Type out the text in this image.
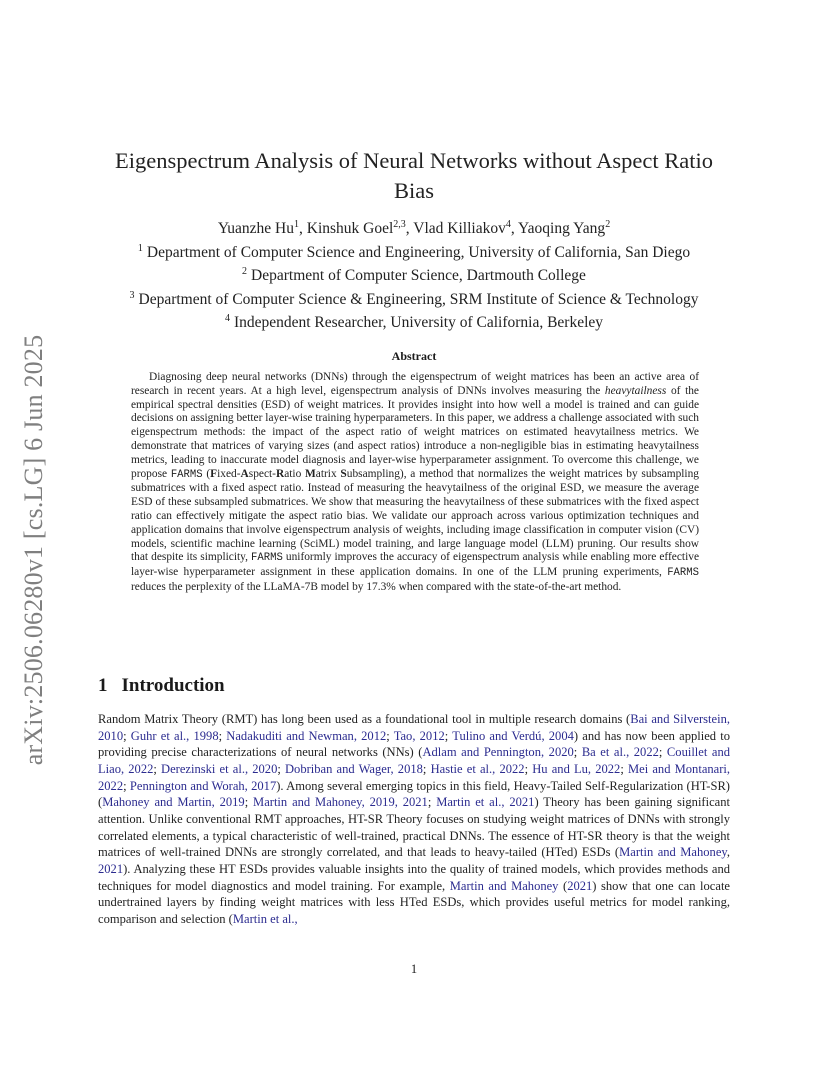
arXiv:2506.06280v1 [cs.LG] 6 Jun 2025
Eigenspectrum Analysis of Neural Networks without Aspect Ratio Bias
Yuanzhe Hu$^1$, Kinshuk Goel$^{2,3}$, Vlad Killiakov$^4$, Yaoqing Yang$^2$
$^1$ Department of Computer Science and Engineering, University of California, San Diego
$^2$ Department of Computer Science, Dartmouth College
$^3$ Department of Computer Science & Engineering, SRM Institute of Science & Technology
$^4$ Independent Researcher, University of California, Berkeley
Abstract

Diagnosing deep neural networks (DNNs) through the eigenspectrum of weight matrices has been an active area of research in recent years. At a high level, eigenspectrum analysis of DNNs involves measuring the heavytailness of the empirical spectral densities (ESD) of weight matrices. It provides insight into how well a model is trained and can guide decisions on assigning better layer-wise training hyperparameters. In this paper, we address a challenge associated with such eigenspectrum methods: the impact of the aspect ratio of weight matrices on estimated heavytailness metrics. We demonstrate that matrices of varying sizes (and aspect ratios) introduce a non-negligible bias in estimating heavytailness metrics, leading to inaccurate model diagnosis and layer-wise hyperparameter assignment. To overcome this challenge, we propose FARMS (Fixed-Aspect-Ratio Matrix Subsampling), a method that normalizes the weight matrices by subsampling submatrices with a fixed aspect ratio. Instead of measuring the heavytailness of the original ESD, we measure the average ESD of these subsampled submatrices. We show that measuring the heavytailness of these submatrices with the fixed aspect ratio can effectively mitigate the aspect ratio bias. We validate our approach across various optimization techniques and application domains that involve eigenspectrum analysis of weights, including image classification in computer vision (CV) models, scientific machine learning (SciML) model training, and large language model (LLM) pruning. Our results show that despite its simplicity, FARMS uniformly improves the accuracy of eigenspectrum analysis while enabling more effective layer-wise hyperparameter assignment in these application domains. In one of the LLM pruning experiments, FARMS reduces the perplexity of the LLaMA-7B model by 17.3% when compared with the state-of-the-art method.

1 Introduction

Random Matrix Theory (RMT) has long been used as a foundational tool in multiple research domains (Bai and Silverstein, 2010; Guhr et al., 1998; Nadakuditi and Newman, 2012; Tao, 2012; Tulino and Verdú, 2004) and has now been applied to providing precise characterizations of neural networks (NNs) (Adlam and Pennington, 2020; Ba et al., 2022; Couillet and Liao, 2022; Derezinski et al., 2020; Dobriban and Wager, 2018; Hastie et al., 2022; Hu and Lu, 2022; Mei and Montanari, 2022; Pennington and Worah, 2017). Among several emerging topics in this field, Heavy-Tailed Self-Regularization (HT-SR) (Mahoney and Martin, 2019; Martin and Mahoney, 2019, 2021; Martin et al., 2021) Theory has been gaining significant attention. Unlike conventional RMT approaches, HT-SR Theory focuses on studying weight matrices of DNNs with strongly correlated elements, a typical characteristic of well-trained, practical DNNs. The essence of HT-SR theory is that the weight matrices of well-trained DNNs are strongly correlated, and that leads to heavy-tailed (HTed) ESDs (Martin and Mahoney, 2021). Analyzing these HT ESDs provides valuable insights into the quality of trained models, which provides methods and techniques for model diagnostics and model training. For example, Martin and Mahoney (2021) show that one can locate undertrained layers by finding weight matrices with less HTed ESDs, which provides useful metrics for model ranking, comparison and selection (Martin et al.,

1
